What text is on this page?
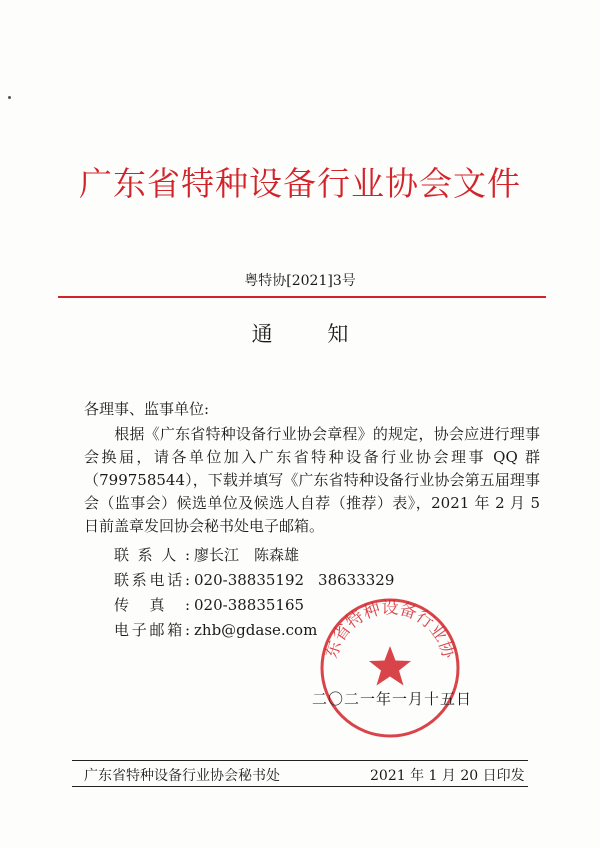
广东省特种设备行业协会文件
粤特协[2021]3号
通 知
各理事、监事单位:
根据《广东省特种设备行业协会章程》的规定，协会应进行理事会换届，请各单位加入广东省特种设备行业协会理事 QQ 群（799758544），下载并填写《广东省特种设备行业协会第五届理事会（监事会）候选单位及候选人自荐（推荐）表》，2021 年 2 月 5 日前盖章发回协会秘书处电子邮箱。
联系人: 廖长江　陈森雄
联系电话: 020-38835192 38633329
传真: 020-38835165
电子邮箱: zhb@gdase.com
东省特种设备行业协
二〇二一年一月十五日
广东省特种设备行业协会秘书处	2021 年 1 月 20 日印发
